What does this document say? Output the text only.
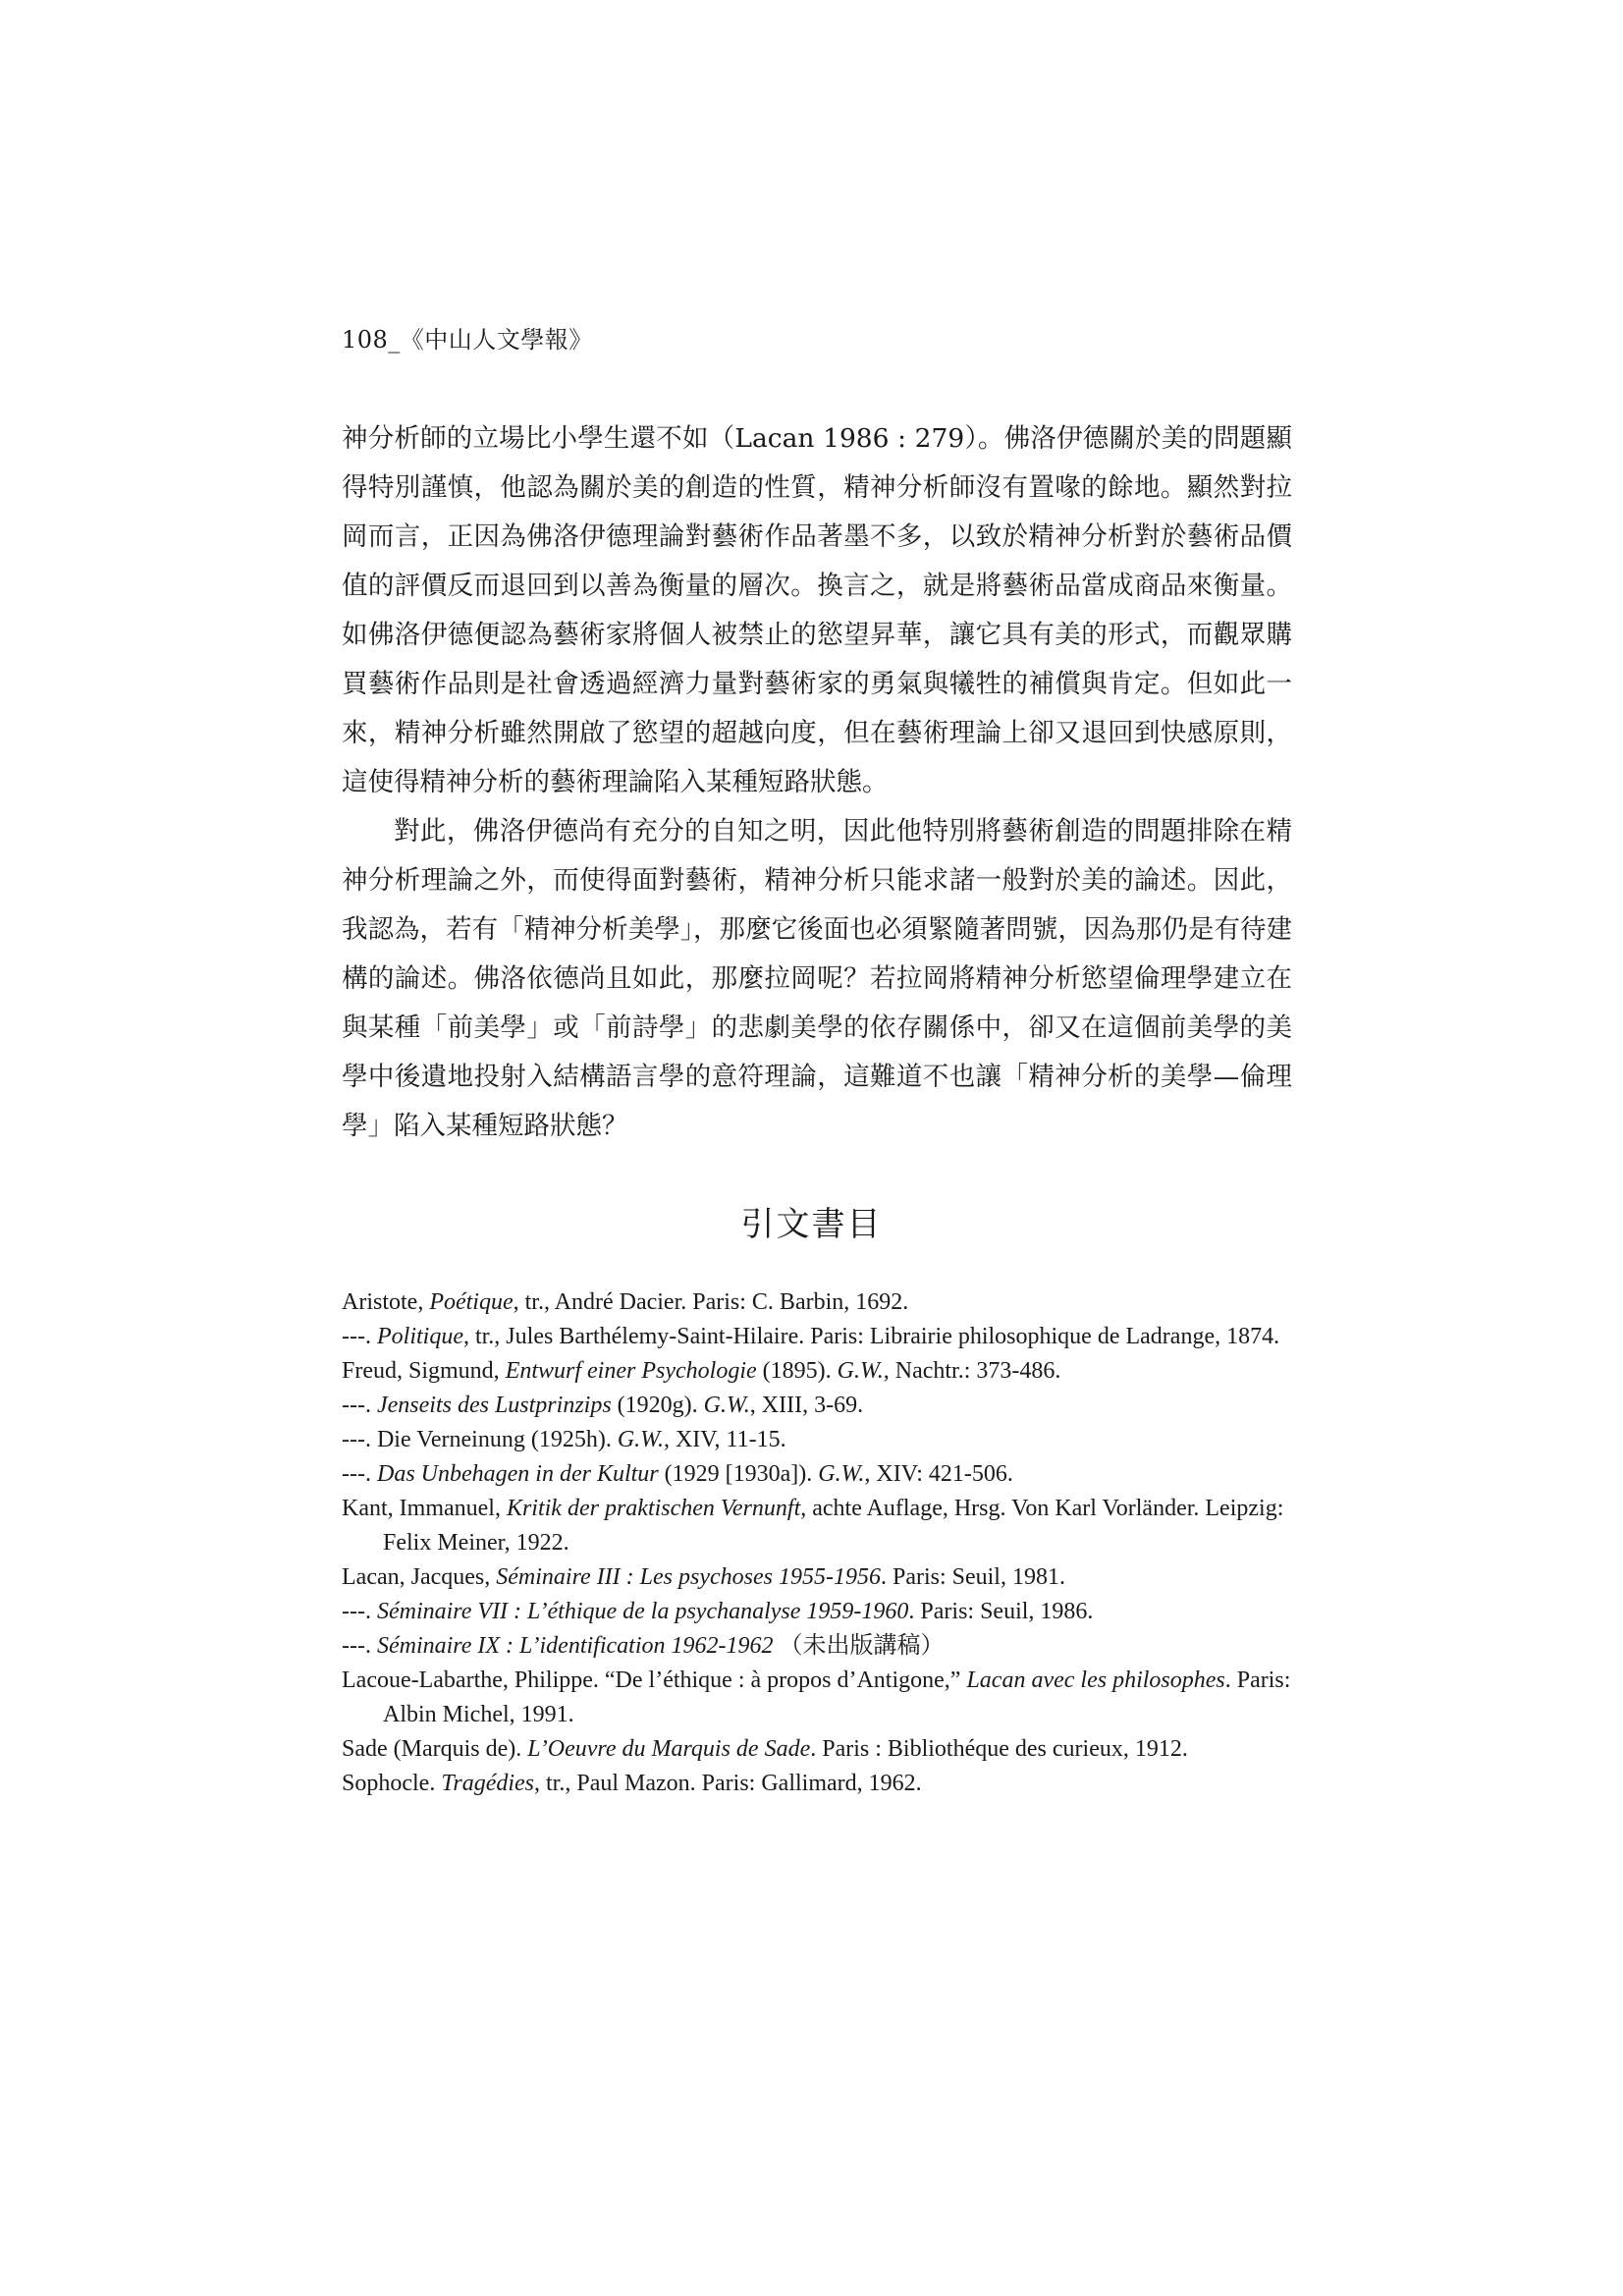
108_《中山人文學報》

神分析師的立場比小學生還不如（Lacan 1986 : 279）。佛洛伊德關於美的問題顯得特別謹慎，他認為關於美的創造的性質，精神分析師沒有置喙的餘地。顯然對拉岡而言，正因為佛洛伊德理論對藝術作品著墨不多，以致於精神分析對於藝術品價值的評價反而退回到以善為衡量的層次。換言之，就是將藝術品當成商品來衡量。如佛洛伊德便認為藝術家將個人被禁止的慾望昇華，讓它具有美的形式，而觀眾購買藝術作品則是社會透過經濟力量對藝術家的勇氣與犧牲的補償與肯定。但如此一來，精神分析雖然開啟了慾望的超越向度，但在藝術理論上卻又退回到快感原則，這使得精神分析的藝術理論陷入某種短路狀態。

對此，佛洛伊德尚有充分的自知之明，因此他特別將藝術創造的問題排除在精神分析理論之外，而使得面對藝術，精神分析只能求諸一般對於美的論述。因此，我認為，若有「精神分析美學」，那麼它後面也必須緊隨著問號，因為那仍是有待建構的論述。佛洛依德尚且如此，那麼拉岡呢？若拉岡將精神分析慾望倫理學建立在與某種「前美學」或「前詩學」的悲劇美學的依存關係中，卻又在這個前美學的美學中後遺地投射入結構語言學的意符理論，這難道不也讓「精神分析的美學—倫理學」陷入某種短路狀態？

引文書目
Aristote, Poétique, tr., André Dacier. Paris: C. Barbin, 1692.
---. Politique, tr., Jules Barthélemy-Saint-Hilaire. Paris: Librairie philosophique de Ladrange, 1874.
Freud, Sigmund, Entwurf einer Psychologie (1895). G.W., Nachtr.: 373-486.
---. Jenseits des Lustprinzips (1920g). G.W., XIII, 3-69.
---. Die Verneinung (1925h). G.W., XIV, 11-15.
---. Das Unbehagen in der Kultur (1929 [1930a]). G.W., XIV: 421-506.
Kant, Immanuel, Kritik der praktischen Vernunft, achte Auflage, Hrsg. Von Karl Vorländer. Leipzig: Felix Meiner, 1922.
Lacan, Jacques, Séminaire III : Les psychoses 1955-1956. Paris: Seuil, 1981.
---. Séminaire VII : L’éthique de la psychanalyse 1959-1960. Paris: Seuil, 1986.
---. Séminaire IX : L’identification 1962-1962 （未出版講稿）
Lacoue-Labarthe, Philippe. “De l’éthique : à propos d’Antigone,” Lacan avec les philosophes. Paris: Albin Michel, 1991.
Sade (Marquis de). L’Oeuvre du Marquis de Sade. Paris : Bibliothéque des curieux, 1912.
Sophocle. Tragédies, tr., Paul Mazon. Paris: Gallimard, 1962.
